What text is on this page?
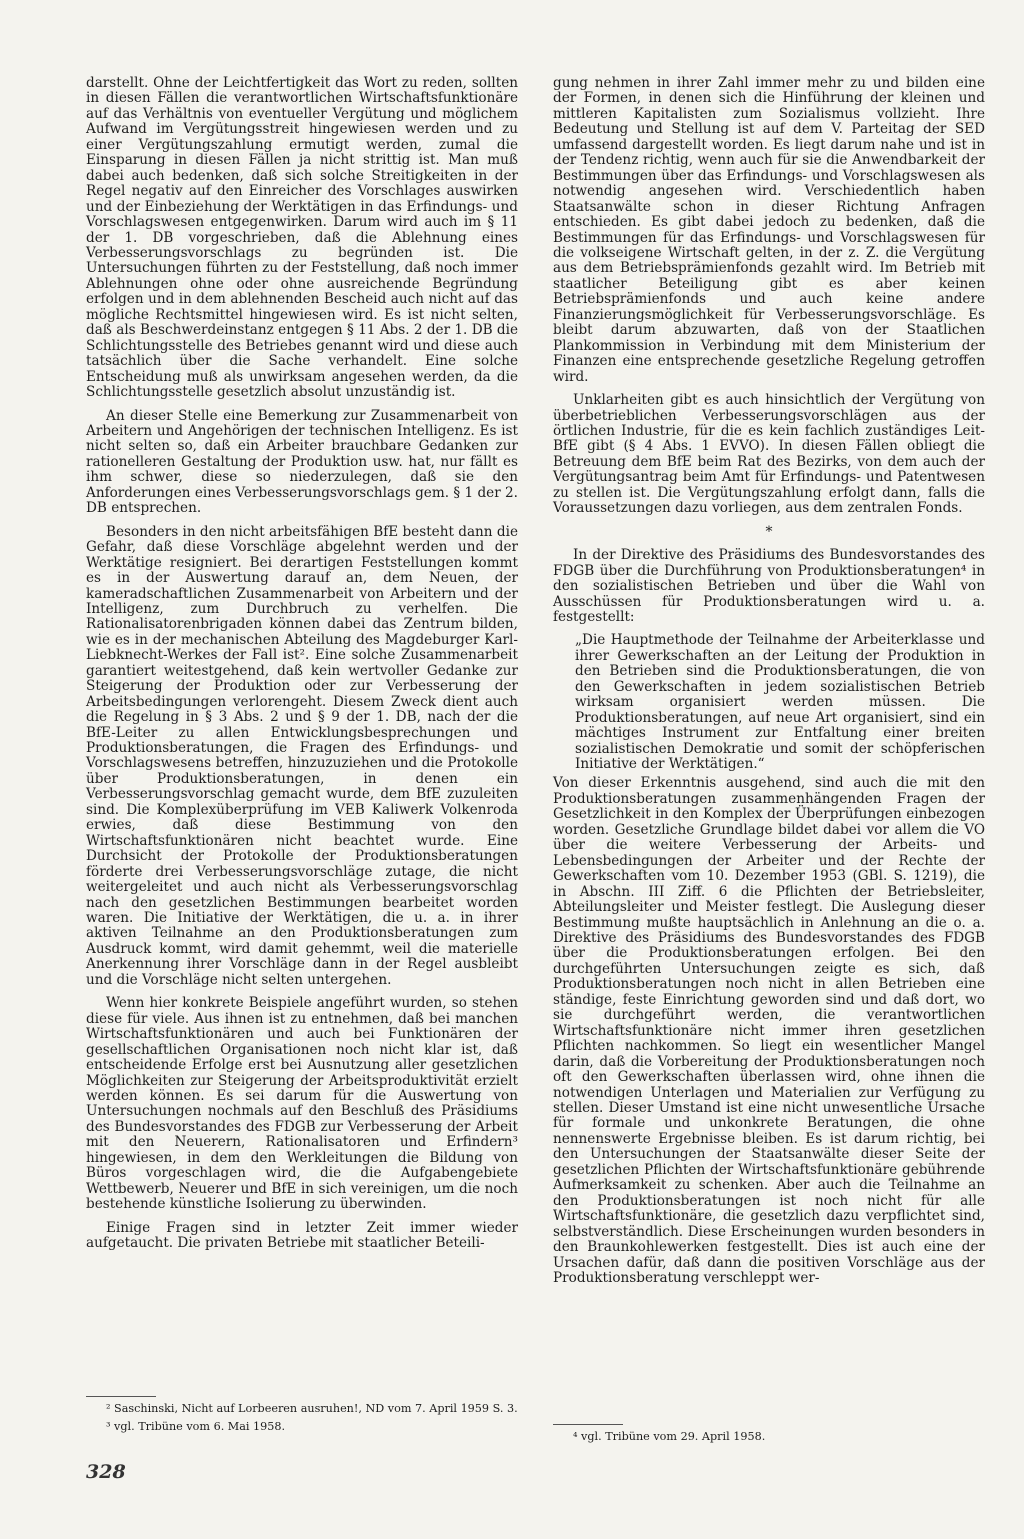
darstellt. Ohne der Leichtfertigkeit das Wort zu reden, sollten in diesen Fällen die verantwortlichen Wirtschaftsfunktionäre auf das Verhältnis von eventueller Vergütung und möglichem Aufwand im Vergütungsstreit hingewiesen werden und zu einer Vergütungszahlung ermutigt werden, zumal die Einsparung in diesen Fällen ja nicht strittig ist. Man muß dabei auch bedenken, daß sich solche Streitigkeiten in der Regel negativ auf den Einreicher des Vorschlages auswirken und der Einbeziehung der Werktätigen in das Erfindungs- und Vorschlagswesen entgegenwirken. Darum wird auch im § 11 der 1. DB vorgeschrieben, daß die Ablehnung eines Verbesserungsvorschlags zu begründen ist. Die Untersuchungen führten zu der Feststellung, daß noch immer Ablehnungen ohne oder ohne ausreichende Begründung erfolgen und in dem ablehnenden Bescheid auch nicht auf das mögliche Rechtsmittel hingewiesen wird. Es ist nicht selten, daß als Beschwerdeinstanz entgegen § 11 Abs. 2 der 1. DB die Schlichtungsstelle des Betriebes genannt wird und diese auch tatsächlich über die Sache verhandelt. Eine solche Entscheidung muß als unwirksam angesehen werden, da die Schlichtungsstelle gesetzlich absolut unzuständig ist.

An dieser Stelle eine Bemerkung zur Zusammenarbeit von Arbeitern und Angehörigen der technischen Intelligenz. Es ist nicht selten so, daß ein Arbeiter brauchbare Gedanken zur rationelleren Gestaltung der Produktion usw. hat, nur fällt es ihm schwer, diese so niederzulegen, daß sie den Anforderungen eines Verbesserungsvorschlags gem. § 1 der 2. DB entsprechen.

Besonders in den nicht arbeitsfähigen BfE besteht dann die Gefahr, daß diese Vorschläge abgelehnt werden und der Werktätige resigniert. Bei derartigen Feststellungen kommt es in der Auswertung darauf an, dem Neuen, der kameradschaftlichen Zusammenarbeit von Arbeitern und der Intelligenz, zum Durchbruch zu verhelfen. Die Rationalisatorenbrigaden können dabei das Zentrum bilden, wie es in der mechanischen Abteilung des Magdeburger Karl-Liebknecht-Werkes der Fall ist². Eine solche Zusammenarbeit garantiert weitestgehend, daß kein wertvoller Gedanke zur Steigerung der Produktion oder zur Verbesserung der Arbeitsbedingungen verlorengeht. Diesem Zweck dient auch die Regelung in § 3 Abs. 2 und § 9 der 1. DB, nach der die BfE-Leiter zu allen Entwicklungsbesprechungen und Produktionsberatungen, die Fragen des Erfindungs- und Vorschlagswesens betreffen, hinzuzuziehen und die Protokolle über Produktionsberatungen, in denen ein Verbesserungsvorschlag gemacht wurde, dem BfE zuzuleiten sind. Die Komplexüberprüfung im VEB Kaliwerk Volkenroda erwies, daß diese Bestimmung von den Wirtschaftsfunktionären nicht beachtet wurde. Eine Durchsicht der Protokolle der Produktionsberatungen förderte drei Verbesserungsvorschläge zutage, die nicht weitergeleitet und auch nicht als Verbesserungsvorschlag nach den gesetzlichen Bestimmungen bearbeitet worden waren. Die Initiative der Werktätigen, die u. a. in ihrer aktiven Teilnahme an den Produktionsberatungen zum Ausdruck kommt, wird damit gehemmt, weil die materielle Anerkennung ihrer Vorschläge dann in der Regel ausbleibt und die Vorschläge nicht selten untergehen.

Wenn hier konkrete Beispiele angeführt wurden, so stehen diese für viele. Aus ihnen ist zu entnehmen, daß bei manchen Wirtschaftsfunktionären und auch bei Funktionären der gesellschaftlichen Organisationen noch nicht klar ist, daß entscheidende Erfolge erst bei Ausnutzung aller gesetzlichen Möglichkeiten zur Steigerung der Arbeitsproduktivität erzielt werden können. Es sei darum für die Auswertung von Untersuchungen nochmals auf den Beschluß des Präsidiums des Bundesvorstandes des FDGB zur Verbesserung der Arbeit mit den Neuerern, Rationalisatoren und Erfindern³ hingewiesen, in dem den Werkleitungen die Bildung von Büros vorgeschlagen wird, die die Aufgabengebiete Wettbewerb, Neuerer und BfE in sich vereinigen, um die noch bestehende künstliche Isolierung zu überwinden.

Einige Fragen sind in letzter Zeit immer wieder aufgetaucht. Die privaten Betriebe mit staatlicher Beteili-

² Saschinski, Nicht auf Lorbeeren ausruhen!, ND vom 7. April 1959 S. 3.

³ vgl. Tribüne vom 6. Mai 1958.

gung nehmen in ihrer Zahl immer mehr zu und bilden eine der Formen, in denen sich die Hinführung der kleinen und mittleren Kapitalisten zum Sozialismus vollzieht. Ihre Bedeutung und Stellung ist auf dem V. Parteitag der SED umfassend dargestellt worden. Es liegt darum nahe und ist in der Tendenz richtig, wenn auch für sie die Anwendbarkeit der Bestimmungen über das Erfindungs- und Vorschlagswesen als notwendig angesehen wird. Verschiedentlich haben Staatsanwälte schon in dieser Richtung Anfragen entschieden. Es gibt dabei jedoch zu bedenken, daß die Bestimmungen für das Erfindungs- und Vorschlagswesen für die volkseigene Wirtschaft gelten, in der z. Z. die Vergütung aus dem Betriebsprämienfonds gezahlt wird. Im Betrieb mit staatlicher Beteiligung gibt es aber keinen Betriebsprämienfonds und auch keine andere Finanzierungsmöglichkeit für Verbesserungsvorschläge. Es bleibt darum abzuwarten, daß von der Staatlichen Plankommission in Verbindung mit dem Ministerium der Finanzen eine entsprechende gesetzliche Regelung getroffen wird.

Unklarheiten gibt es auch hinsichtlich der Vergütung von überbetrieblichen Verbesserungsvorschlägen aus der örtlichen Industrie, für die es kein fachlich zuständiges Leit-BfE gibt (§ 4 Abs. 1 EVVO). In diesen Fällen obliegt die Betreuung dem BfE beim Rat des Bezirks, von dem auch der Vergütungsantrag beim Amt für Erfindungs- und Patentwesen zu stellen ist. Die Vergütungszahlung erfolgt dann, falls die Voraussetzungen dazu vorliegen, aus dem zentralen Fonds.

*

In der Direktive des Präsidiums des Bundesvorstandes des FDGB über die Durchführung von Produktionsberatungen⁴ in den sozialistischen Betrieben und über die Wahl von Ausschüssen für Produktionsberatungen wird u. a. festgestellt:

„Die Hauptmethode der Teilnahme der Arbeiterklasse und ihrer Gewerkschaften an der Leitung der Produktion in den Betrieben sind die Produktionsberatungen, die von den Gewerkschaften in jedem sozialistischen Betrieb wirksam organisiert werden müssen. Die Produktionsberatungen, auf neue Art organisiert, sind ein mächtiges Instrument zur Entfaltung einer breiten sozialistischen Demokratie und somit der schöpferischen Initiative der Werktätigen.“

Von dieser Erkenntnis ausgehend, sind auch die mit den Produktionsberatungen zusammenhängenden Fragen der Gesetzlichkeit in den Komplex der Überprüfungen einbezogen worden. Gesetzliche Grundlage bildet dabei vor allem die VO über die weitere Verbesserung der Arbeits- und Lebensbedingungen der Arbeiter und der Rechte der Gewerkschaften vom 10. Dezember 1953 (GBl. S. 1219), die in Abschn. III Ziff. 6 die Pflichten der Betriebsleiter, Abteilungsleiter und Meister festlegt. Die Auslegung dieser Bestimmung mußte hauptsächlich in Anlehnung an die o. a. Direktive des Präsidiums des Bundesvorstandes des FDGB über die Produktionsberatungen erfolgen. Bei den durchgeführten Untersuchungen zeigte es sich, daß Produktionsberatungen noch nicht in allen Betrieben eine ständige, feste Einrichtung geworden sind und daß dort, wo sie durchgeführt werden, die verantwortlichen Wirtschaftsfunktionäre nicht immer ihren gesetzlichen Pflichten nachkommen. So liegt ein wesentlicher Mangel darin, daß die Vorbereitung der Produktionsberatungen noch oft den Gewerkschaften überlassen wird, ohne ihnen die notwendigen Unterlagen und Materialien zur Verfügung zu stellen. Dieser Umstand ist eine nicht unwesentliche Ursache für formale und unkonkrete Beratungen, die ohne nennenswerte Ergebnisse bleiben. Es ist darum richtig, bei den Untersuchungen der Staatsanwälte dieser Seite der gesetzlichen Pflichten der Wirtschaftsfunktionäre gebührende Aufmerksamkeit zu schenken. Aber auch die Teilnahme an den Produktionsberatungen ist noch nicht für alle Wirtschaftsfunktionäre, die gesetzlich dazu verpflichtet sind, selbstverständlich. Diese Erscheinungen wurden besonders in den Braunkohlewerken festgestellt. Dies ist auch eine der Ursachen dafür, daß dann die positiven Vorschläge aus der Produktionsberatung verschleppt wer-

⁴ vgl. Tribüne vom 29. April 1958.

328
